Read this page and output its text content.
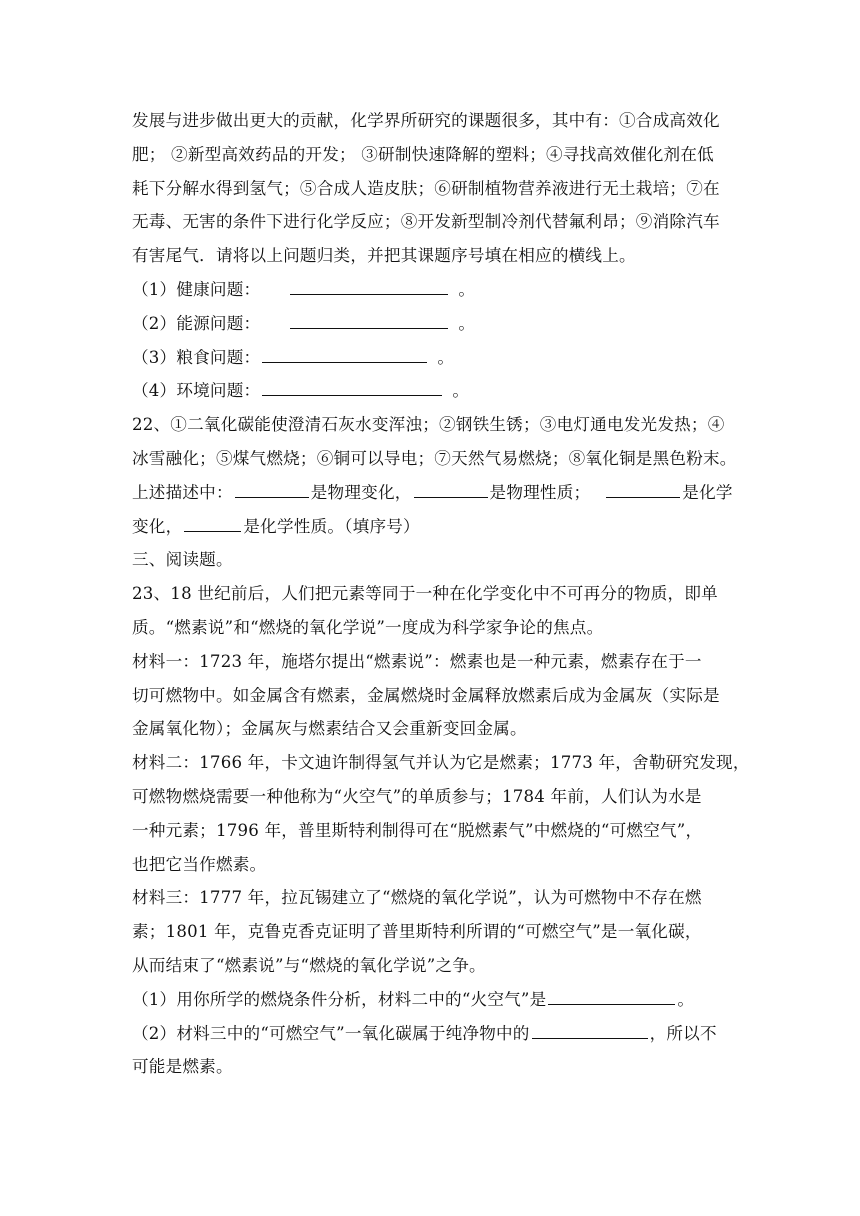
发展与进步做出更大的贡献，化学界所研究的课题很多，其中有：①合成高效化
肥； ②新型高效药品的开发； ③研制快速降解的塑料；④寻找高效催化剂在低
耗下分解水得到氢气；⑤合成人造皮肤；⑥研制植物营养液进行无土栽培；⑦在
无毒、无害的条件下进行化学反应；⑧开发新型制冷剂代替氟利昂；⑨消除汽车
有害尾气．请将以上问题归类，并把其课题序号填在相应的横线上。
（1）健康问题：	。
（2）能源问题：	。
（3）粮食问题：	。
（4）环境问题：	。
22、①二氧化碳能使澄清石灰水变浑浊；②钢铁生锈；③电灯通电发光发热；④
冰雪融化；⑤煤气燃烧；⑥铜可以导电；⑦天然气易燃烧；⑧氧化铜是黑色粉末。
上述描述中：	是物理变化，	是物理性质；	是化学
变化，	是化学性质。（填序号）
三、阅读题。
23、18 世纪前后，人们把元素等同于一种在化学变化中不可再分的物质，即单
质。“燃素说”和“燃烧的氧化学说”一度成为科学家争论的焦点。
材料一：1723 年，施塔尔提出“燃素说”：燃素也是一种元素，燃素存在于一
切可燃物中。如金属含有燃素，金属燃烧时金属释放燃素后成为金属灰（实际是
金属氧化物）；金属灰与燃素结合又会重新变回金属。
材料二：1766 年，卡文迪许制得氢气并认为它是燃素；1773 年，舍勒研究发现，
可燃物燃烧需要一种他称为“火空气”的单质参与；1784 年前，人们认为水是
一种元素；1796 年，普里斯特利制得可在“脱燃素气”中燃烧的“可燃空气”，
也把它当作燃素。
材料三：1777 年，拉瓦锡建立了“燃烧的氧化学说”，认为可燃物中不存在燃
素；1801 年，克鲁克香克证明了普里斯特利所谓的“可燃空气”是一氧化碳，
从而结束了“燃素说”与“燃烧的氧化学说”之争。
（1）用你所学的燃烧条件分析，材料二中的“火空气”是	。
（2）材料三中的“可燃空气”一氧化碳属于纯净物中的	，所以不
可能是燃素。
